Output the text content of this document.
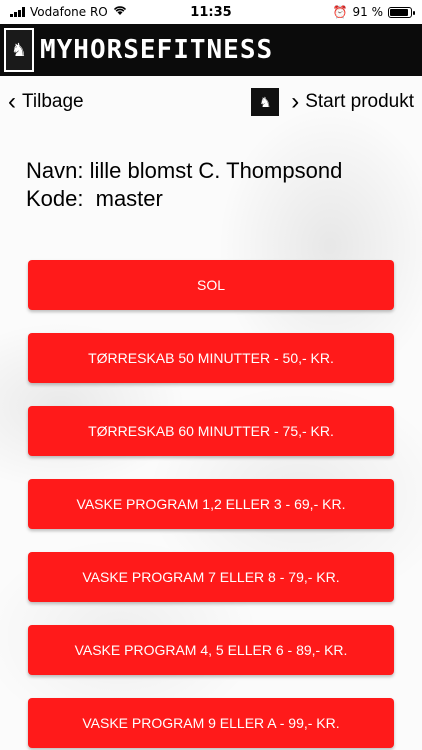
Vodafone RO	11:35	⏰ 91 %
♞ MYHORSEFITNESS
‹ Tilbage	♞ › Start produkt
Navn: lille blomst C. Thompsond
Kode: master
SOL
TØRRESKAB 50 MINUTTER - 50,- KR.
TØRRESKAB 60 MINUTTER - 75,- KR.
VASKE PROGRAM 1,2 ELLER 3 - 69,- KR.
VASKE PROGRAM 7 ELLER 8 - 79,- KR.
VASKE PROGRAM 4, 5 ELLER 6 - 89,- KR.
VASKE PROGRAM 9 ELLER A - 99,- KR.
